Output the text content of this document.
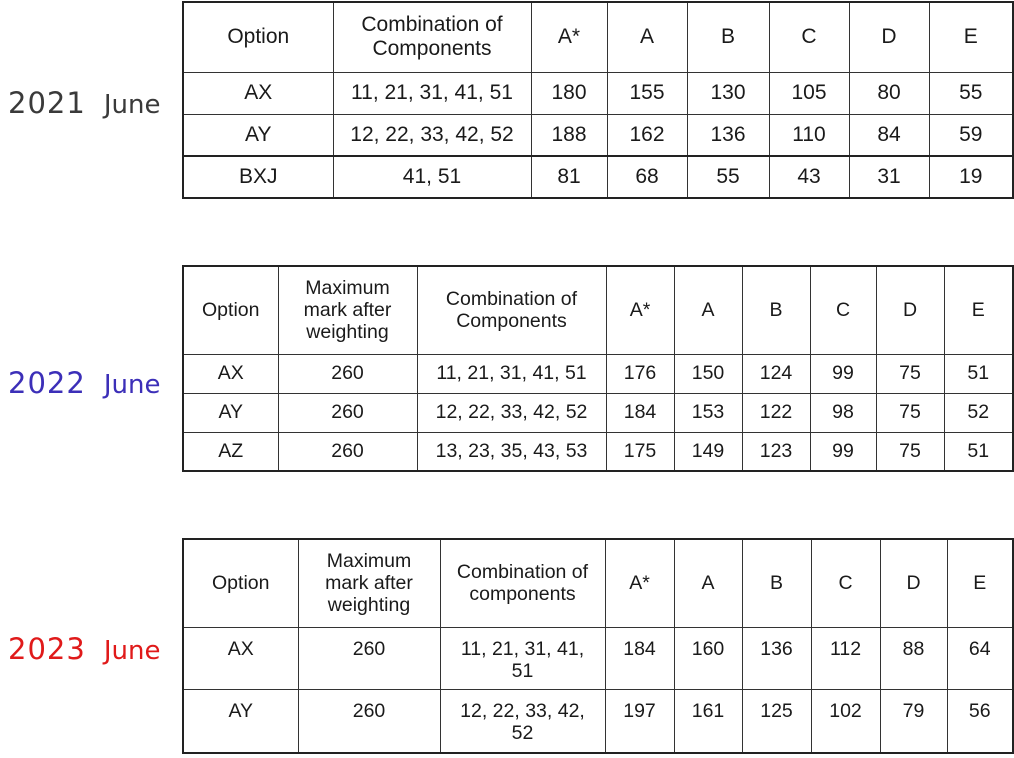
2021 June
Option	Combination of Components	A*	A	B	C	D	E
AX	11, 21, 31, 41, 51	180	155	130	105	80	55
AY	12, 22, 33, 42, 52	188	162	136	110	84	59
BXJ	41, 51	81	68	55	43	31	19
2022 June
Option	Maximum mark after weighting	Combination of Components	A*	A	B	C	D	E
AX	260	11, 21, 31, 41, 51	176	150	124	99	75	51
AY	260	12, 22, 33, 42, 52	184	153	122	98	75	52
AZ	260	13, 23, 35, 43, 53	175	149	123	99	75	51
2023 June
Option	Maximum mark after weighting	Combination of components	A*	A	B	C	D	E
AX	260	11, 21, 31, 41, 51	184	160	136	112	88	64
AY	260	12, 22, 33, 42, 52	197	161	125	102	79	56
